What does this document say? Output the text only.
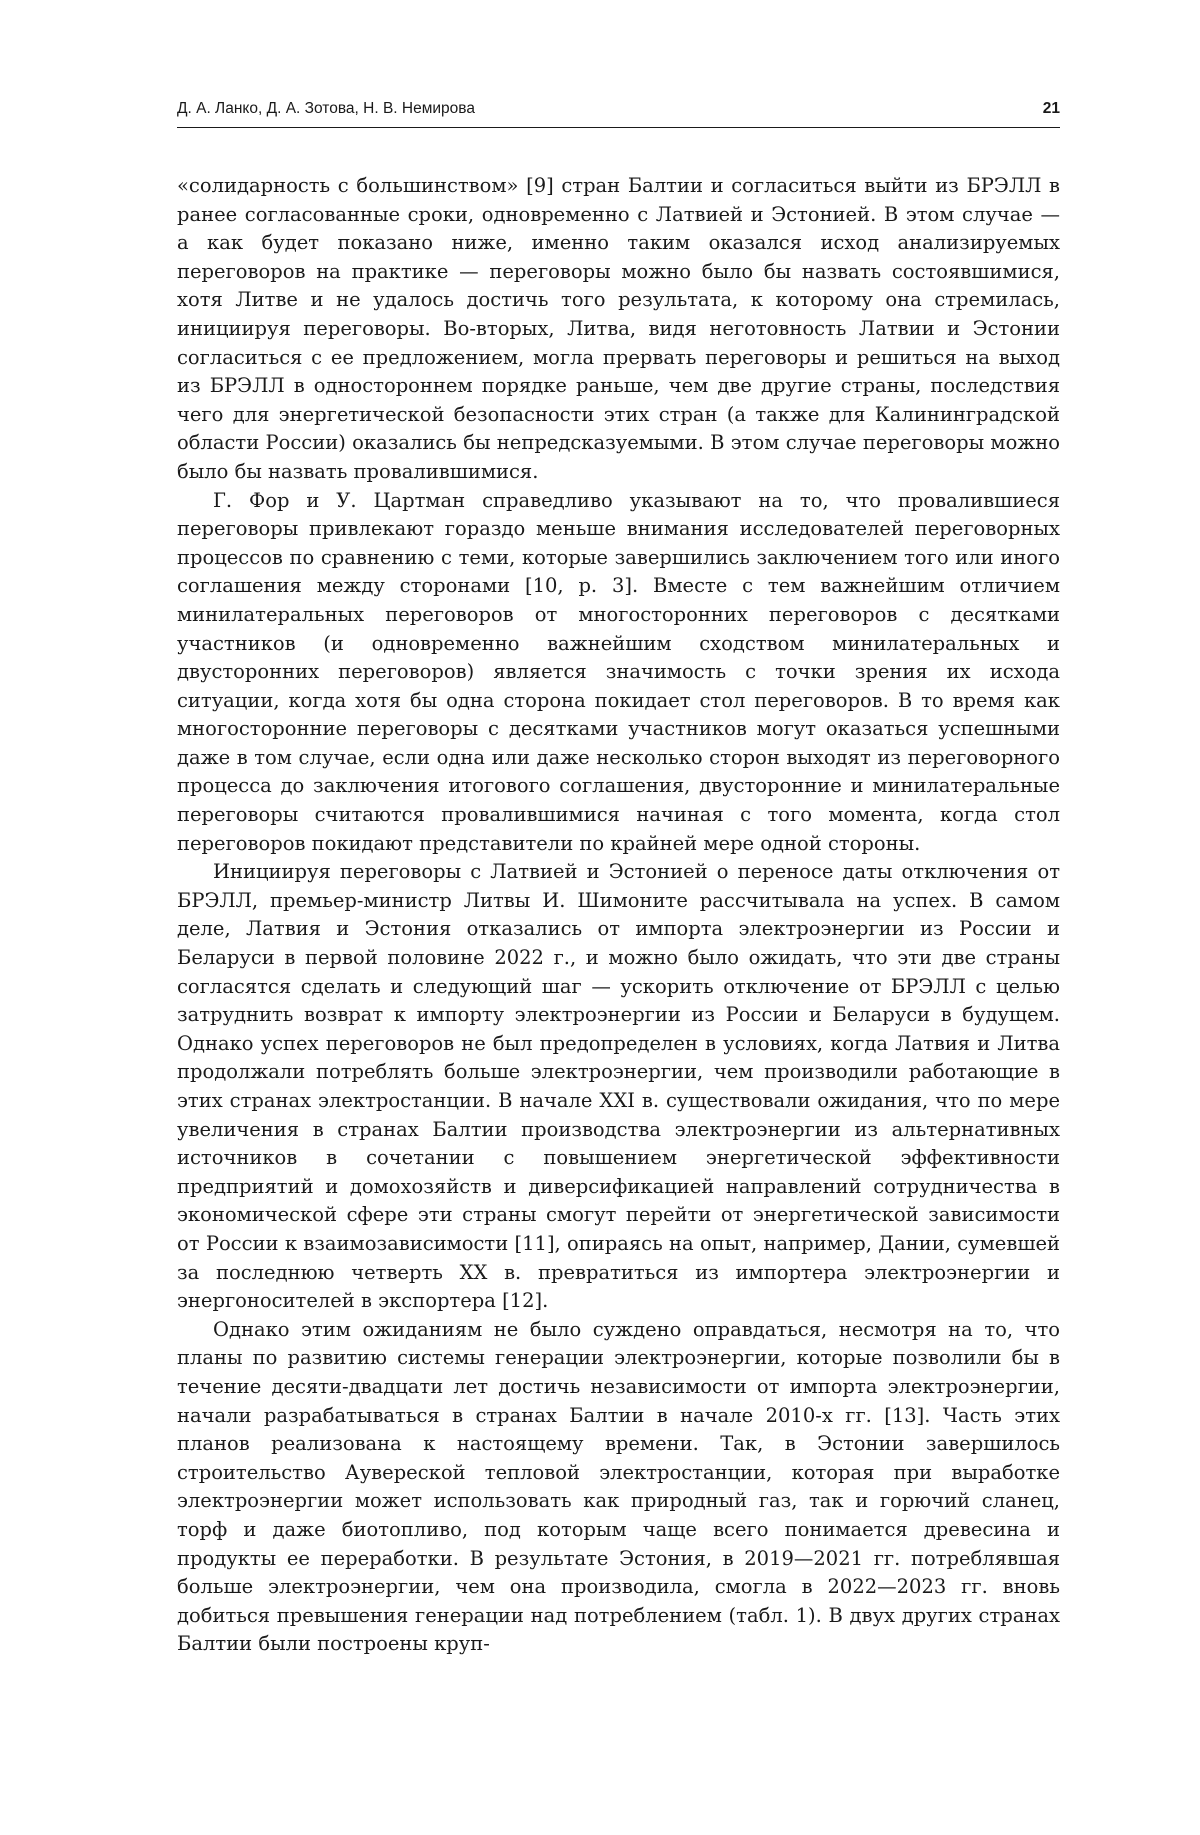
Д. А. Ланко, Д. А. Зотова, Н. В. Немирова	21

«солидарность с большинством» [9] стран Балтии и согласиться выйти из БРЭЛЛ в ранее согласованные сроки, одновременно с Латвией и Эстонией. В этом случае — а как будет показано ниже, именно таким оказался исход анализируемых переговоров на практике — переговоры можно было бы назвать состоявшимися, хотя Литве и не удалось достичь того результата, к которому она стремилась, инициируя переговоры. Во-вторых, Литва, видя неготовность Латвии и Эстонии согласиться с ее предложением, могла прервать переговоры и решиться на выход из БРЭЛЛ в одностороннем порядке раньше, чем две другие страны, последствия чего для энергетической безопасности этих стран (а также для Калининградской области России) оказались бы непредсказуемыми. В этом случае переговоры можно было бы назвать провалившимися.

Г. Фор и У. Цартман справедливо указывают на то, что провалившиеся переговоры привлекают гораздо меньше внимания исследователей переговорных процессов по сравнению с теми, которые завершились заключением того или иного соглашения между сторонами [10, p. 3]. Вместе с тем важнейшим отличием минилатеральных переговоров от многосторонних переговоров с десятками участников (и одновременно важнейшим сходством минилатеральных и двусторонних переговоров) является значимость с точки зрения их исхода ситуации, когда хотя бы одна сторона покидает стол переговоров. В то время как многосторонние переговоры с десятками участников могут оказаться успешными даже в том случае, если одна или даже несколько сторон выходят из переговорного процесса до заключения итогового соглашения, двусторонние и минилатеральные переговоры считаются провалившимися начиная с того момента, когда стол переговоров покидают представители по крайней мере одной стороны.

Инициируя переговоры с Латвией и Эстонией о переносе даты отключения от БРЭЛЛ, премьер-министр Литвы И. Шимоните рассчитывала на успех. В самом деле, Латвия и Эстония отказались от импорта электроэнергии из России и Беларуси в первой половине 2022 г., и можно было ожидать, что эти две страны согласятся сделать и следующий шаг — ускорить отключение от БРЭЛЛ с целью затруднить возврат к импорту электроэнергии из России и Беларуси в будущем. Однако успех переговоров не был предопределен в условиях, когда Латвия и Литва продолжали потреблять больше электроэнергии, чем производили работающие в этих странах электростанции. В начале XXI в. существовали ожидания, что по мере увеличения в странах Балтии производства электроэнергии из альтернативных источников в сочетании с повышением энергетической эффективности предприятий и домохозяйств и диверсификацией направлений сотрудничества в экономической сфере эти страны смогут перейти от энергетической зависимости от России к взаимозависимости [11], опираясь на опыт, например, Дании, сумевшей за последнюю четверть XX в. превратиться из импортера электроэнергии и энергоносителей в экспортера [12].

Однако этим ожиданиям не было суждено оправдаться, несмотря на то, что планы по развитию системы генерации электроэнергии, которые позволили бы в течение десяти-двадцати лет достичь независимости от импорта электроэнергии, начали разрабатываться в странах Балтии в начале 2010-х гг. [13]. Часть этих планов реализована к настоящему времени. Так, в Эстонии завершилось строительство Аувереской тепловой электростанции, которая при выработке электроэнергии может использовать как природный газ, так и горючий сланец, торф и даже биотопливо, под которым чаще всего понимается древесина и продукты ее переработки. В результате Эстония, в 2019—2021 гг. потреблявшая больше электроэнергии, чем она производила, смогла в 2022—2023 гг. вновь добиться превышения генерации над потреблением (табл. 1). В двух других странах Балтии были построены круп-
